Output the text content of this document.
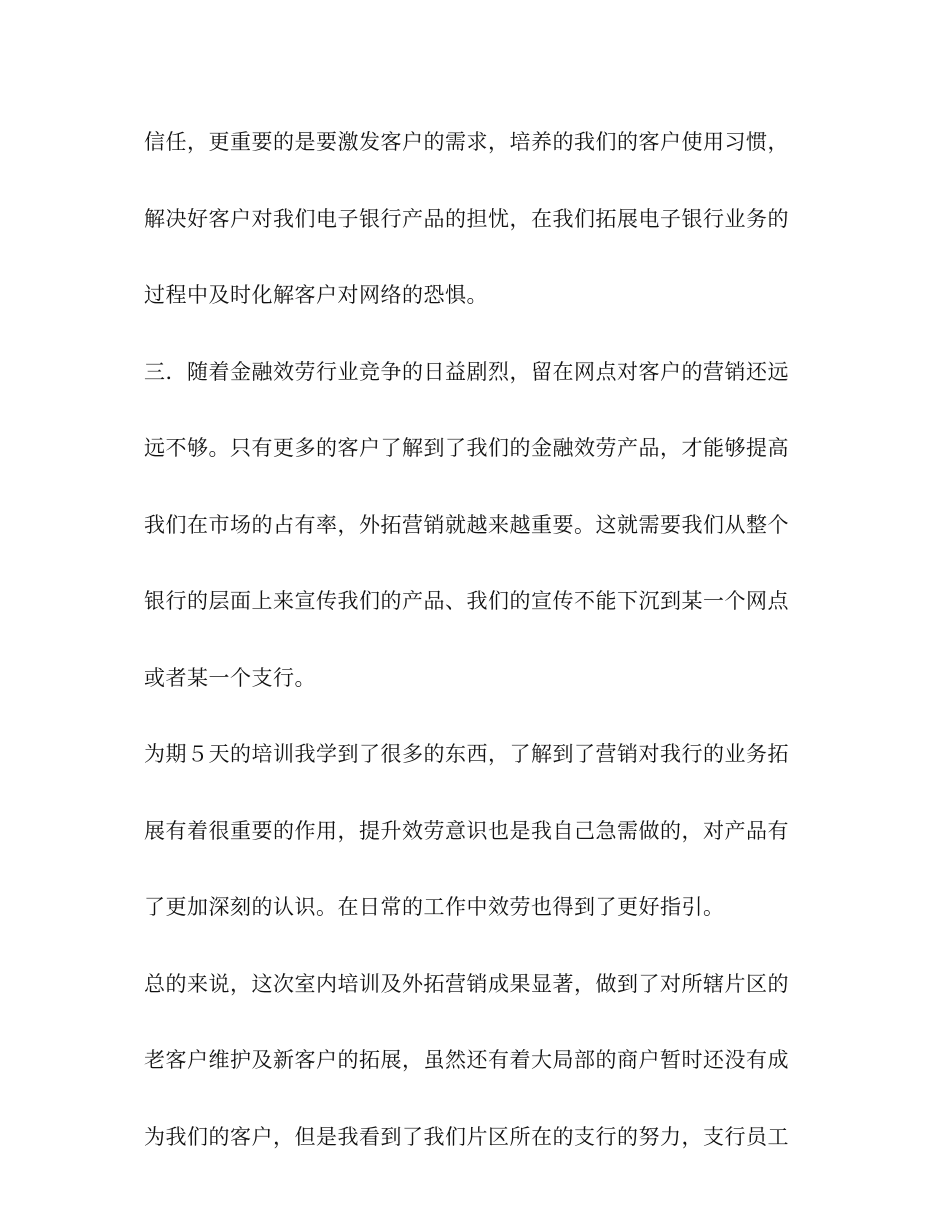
信任，更重要的是要激发客户的需求，培养的我们的客户使用习惯，
解决好客户对我们电子银行产品的担忧，在我们拓展电子银行业务的
过程中及时化解客户对网络的恐惧。
三．随着金融效劳行业竞争的日益剧烈，留在网点对客户的营销还远
远不够。只有更多的客户了解到了我们的金融效劳产品，才能够提高
我们在市场的占有率，外拓营销就越来越重要。这就需要我们从整个
银行的层面上来宣传我们的产品、我们的宣传不能下沉到某一个网点
或者某一个支行。
为期５天的培训我学到了很多的东西，了解到了营销对我行的业务拓
展有着很重要的作用，提升效劳意识也是我自己急需做的，对产品有
了更加深刻的认识。在日常的工作中效劳也得到了更好指引。
总的来说，这次室内培训及外拓营销成果显著，做到了对所辖片区的
老客户维护及新客户的拓展，虽然还有着大局部的商户暂时还没有成
为我们的客户，但是我看到了我们片区所在的支行的努力，支行员工
